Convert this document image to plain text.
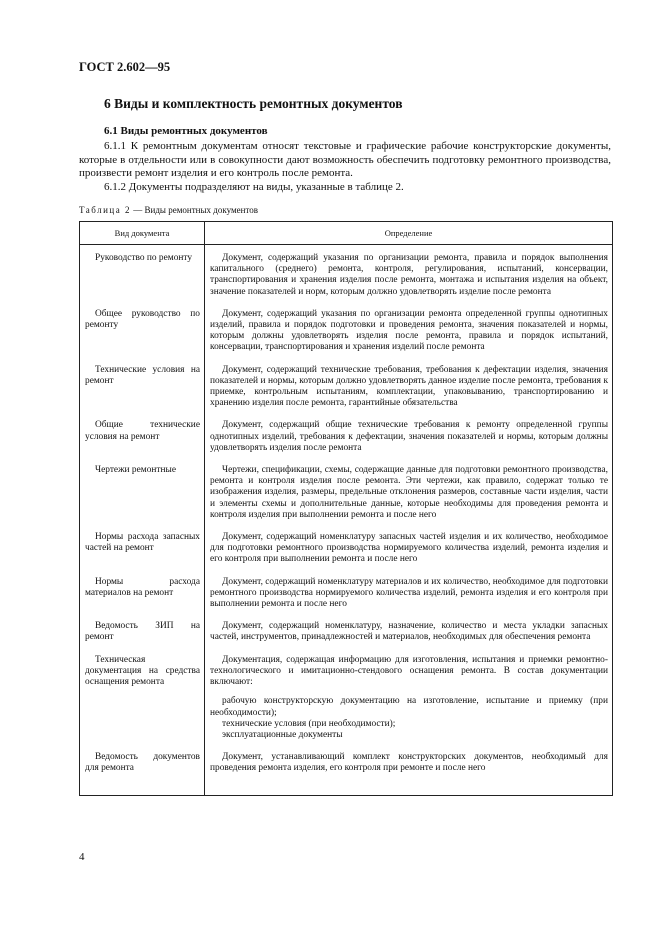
ГОСТ 2.602—95
6 Виды и комплектность ремонтных документов
6.1 Виды ремонтных документов

6.1.1 К ремонтным документам относят текстовые и графические рабочие конструкторские документы, которые в отдельности или в совокупности дают возможность обеспечить подготовку ремонтного производства, произвести ремонт изделия и его контроль после ремонта.

6.1.2 Документы подразделяют на виды, указанные в таблице 2.

Таблица 2 — Виды ремонтных документов
Вид документа	Определение
Руководство по ремонту	Документ, содержащий указания по организации ремонта, правила и порядок выполнения капитального (среднего) ремонта, контроля, регулирования, испытаний, консервации, транспортирования и хранения изделия после ремонта, монтажа и испытания изделия на объект, значение показателей и норм, которым должно удовлетворять изделие после ремонта

Общее руководство по ремонту	Документ, содержащий указания по организации ремонта определенной группы однотипных изделий, правила и порядок подготовки и проведения ремонта, значения показателей и нормы, которым должны удовлетворять изделия после ремонта, правила и порядок испытаний, консервации, транспортирования и хранения изделий после ремонта

Технические условия на ремонт	Документ, содержащий технические требования, требования к дефектации изделия, значения показателей и нормы, которым должно удовлетворять данное изделие после ремонта, требования к приемке, контрольным испытаниям, комплектации, упаковыванию, транспортированию и хранению изделия после ремонта, гарантийные обязательства

Общие технические условия на ремонт	Документ, содержащий общие технические требования к ремонту определенной группы однотипных изделий, требования к дефектации, значения показателей и нормы, которым должны удовлетворять изделия после ремонта

Чертежи ремонтные	Чертежи, спецификации, схемы, содержащие данные для подготовки ремонтного производства, ремонта и контроля изделия после ремонта. Эти чертежи, как правило, содержат только те изображения изделия, размеры, предельные отклонения размеров, составные части изделия, части и элементы схемы и дополнительные данные, которые необходимы для проведения ремонта и контроля изделия при выполнении ремонта и после него

Нормы расхода запасных частей на ремонт	Документ, содержащий номенклатуру запасных частей изделия и их количество, необходимое для подготовки ремонтного производства нормируемого количества изделий, ремонта изделия и его контроля при выполнении ремонта и после него

Нормы расхода материалов на ремонт	Документ, содержащий номенклатуру материалов и их количество, необходимое для подготовки ремонтного производства нормируемого количества изделий, ремонта изделия и его контроля при выполнении ремонта и после него

Ведомость ЗИП на ремонт	Документ, содержащий номенклатуру, назначение, количество и места укладки запасных частей, инструментов, принадлежностей и материалов, необходимых для обеспечения ремонта

Техническая документация на средства оснащения ремонта	Документация, содержащая информацию для изготовления, испытания и приемки ремонтно-технологического и имитационно-стендового оснащения ремонта. В состав документации включают:
рабочую конструкторскую документацию на изготовление, испытание и приемку (при необходимости);
технические условия (при необходимости);
эксплуатационные документы

Ведомость документов для ремонта	Документ, устанавливающий комплект конструкторских документов, необходимый для проведения ремонта изделия, его контроля при ремонте и после него
4
